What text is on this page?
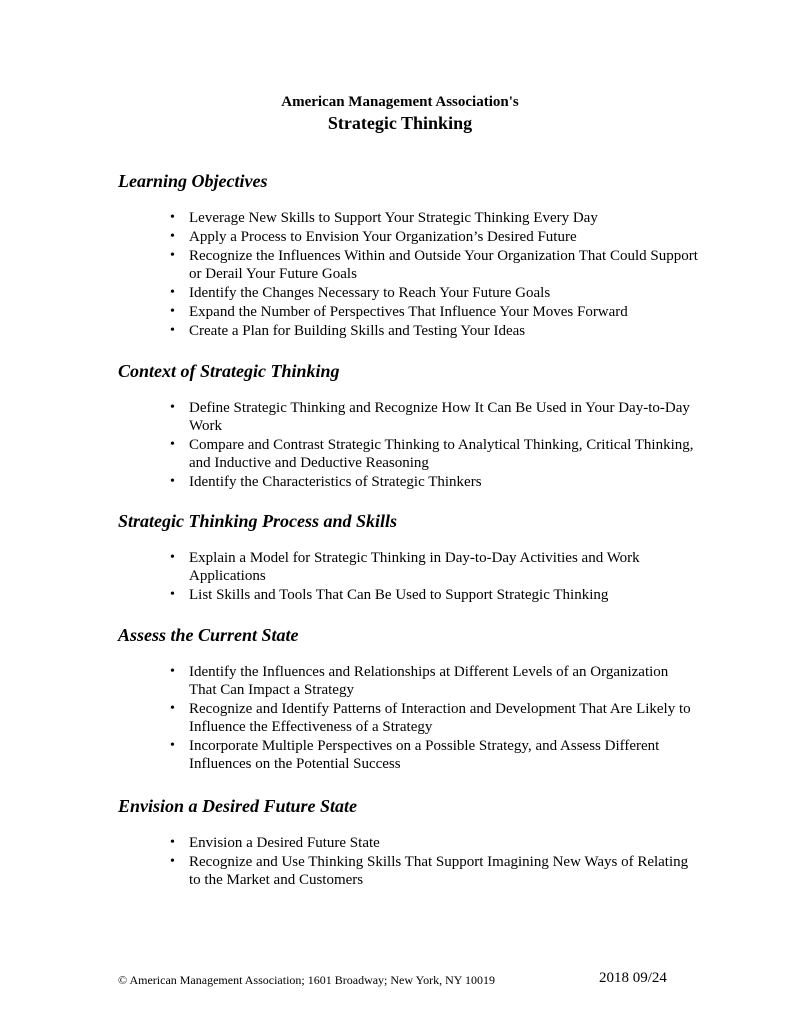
American Management Association's
Strategic Thinking
Learning Objectives
• Leverage New Skills to Support Your Strategic Thinking Every Day
• Apply a Process to Envision Your Organization’s Desired Future
• Recognize the Influences Within and Outside Your Organization That Could Support or Derail Your Future Goals
• Identify the Changes Necessary to Reach Your Future Goals
• Expand the Number of Perspectives That Influence Your Moves Forward
• Create a Plan for Building Skills and Testing Your Ideas
Context of Strategic Thinking
• Define Strategic Thinking and Recognize How It Can Be Used in Your Day-to-Day Work
• Compare and Contrast Strategic Thinking to Analytical Thinking, Critical Thinking, and Inductive and Deductive Reasoning
• Identify the Characteristics of Strategic Thinkers
Strategic Thinking Process and Skills
• Explain a Model for Strategic Thinking in Day-to-Day Activities and Work Applications
• List Skills and Tools That Can Be Used to Support Strategic Thinking
Assess the Current State
• Identify the Influences and Relationships at Different Levels of an Organization That Can Impact a Strategy
• Recognize and Identify Patterns of Interaction and Development That Are Likely to Influence the Effectiveness of a Strategy
• Incorporate Multiple Perspectives on a Possible Strategy, and Assess Different Influences on the Potential Success
Envision a Desired Future State
• Envision a Desired Future State
• Recognize and Use Thinking Skills That Support Imagining New Ways of Relating to the Market and Customers
© American Management Association; 1601 Broadway; New York, NY 10019	2018 09/24
